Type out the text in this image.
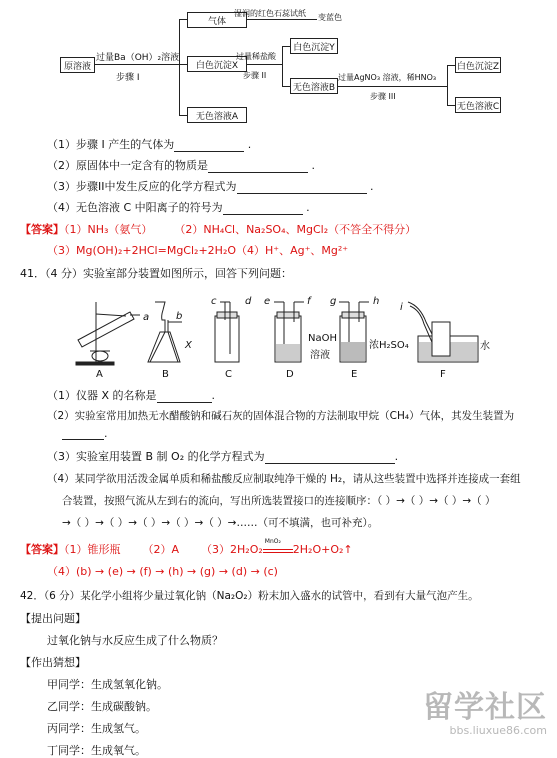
原溶液
气体
白色沉淀X
无色溶液A
白色沉淀Y
无色溶液B
白色沉淀Z
无色溶液C
过量Ba（OH）₂溶液
步骤 I
湿润的红色石蕊试纸 变蓝色
过量稀盐酸
步骤 II	过量AgNO₃ 溶液，稀HNO₃
步骤 III
（1）步骤 I 产生的气体为	.
（2）原固体中一定含有的物质是	.
（3）步骤II中发生反应的化学方程式为	.
（4）无色溶液 C 中阳离子的符号为	.
【答案】（1）NH₃（氨气） （2）NH₄Cl、Na₂SO₄、MgCl₂（不答全不得分）
（3）Mg(OH)₂+2HCl=MgCl₂+2H₂O（4）H⁺、Ag⁺、Mg²⁺
41．（4 分）实验室部分装置如图所示，回答下列问题：
a	b
c	d e	f g	h
i
X
NaOH
溶液
浓H₂SO₄	水
A	B	C	D	E	F
（1）仪器 X 的名称是	.
（2）实验室常用加热无水醋酸钠和碱石灰的固体混合物的方法制取甲烷（CH₄）气体，其发生装置为
.
（3）实验室用装置 B 制 O₂ 的化学方程式为	.
（4）某同学欲用活泼金属单质和稀盐酸反应制取纯净干燥的 H₂，请从这些装置中选择并连接成一套组
合装置，按照气流从左到右的流向，写出所选装置接口的连接顺序：（ ）→（ ）→（ ）→（ ）
→（ ）→（ ）→（ ）→（ ）→（ ）→……（可不填满，也可补充）。
【答案】（1）锥形瓶 （2）A （3）2H₂O₂
MnO₂
2H₂O+O₂↑
（4）(b) → (e) → (f) → (h) → (g) → (d) → (c)
42．（6 分）某化学小组将少量过氧化钠（Na₂O₂）粉末加入盛水的试管中，看到有大量气泡产生。
【提出问题】
过氧化钠与水反应生成了什么物质？
【作出猜想】
甲同学：生成氢氧化钠。
乙同学：生成碳酸钠。
丙同学：生成氢气。
丁同学：生成氧气。
留学社区
bbs.liuxue86.com
